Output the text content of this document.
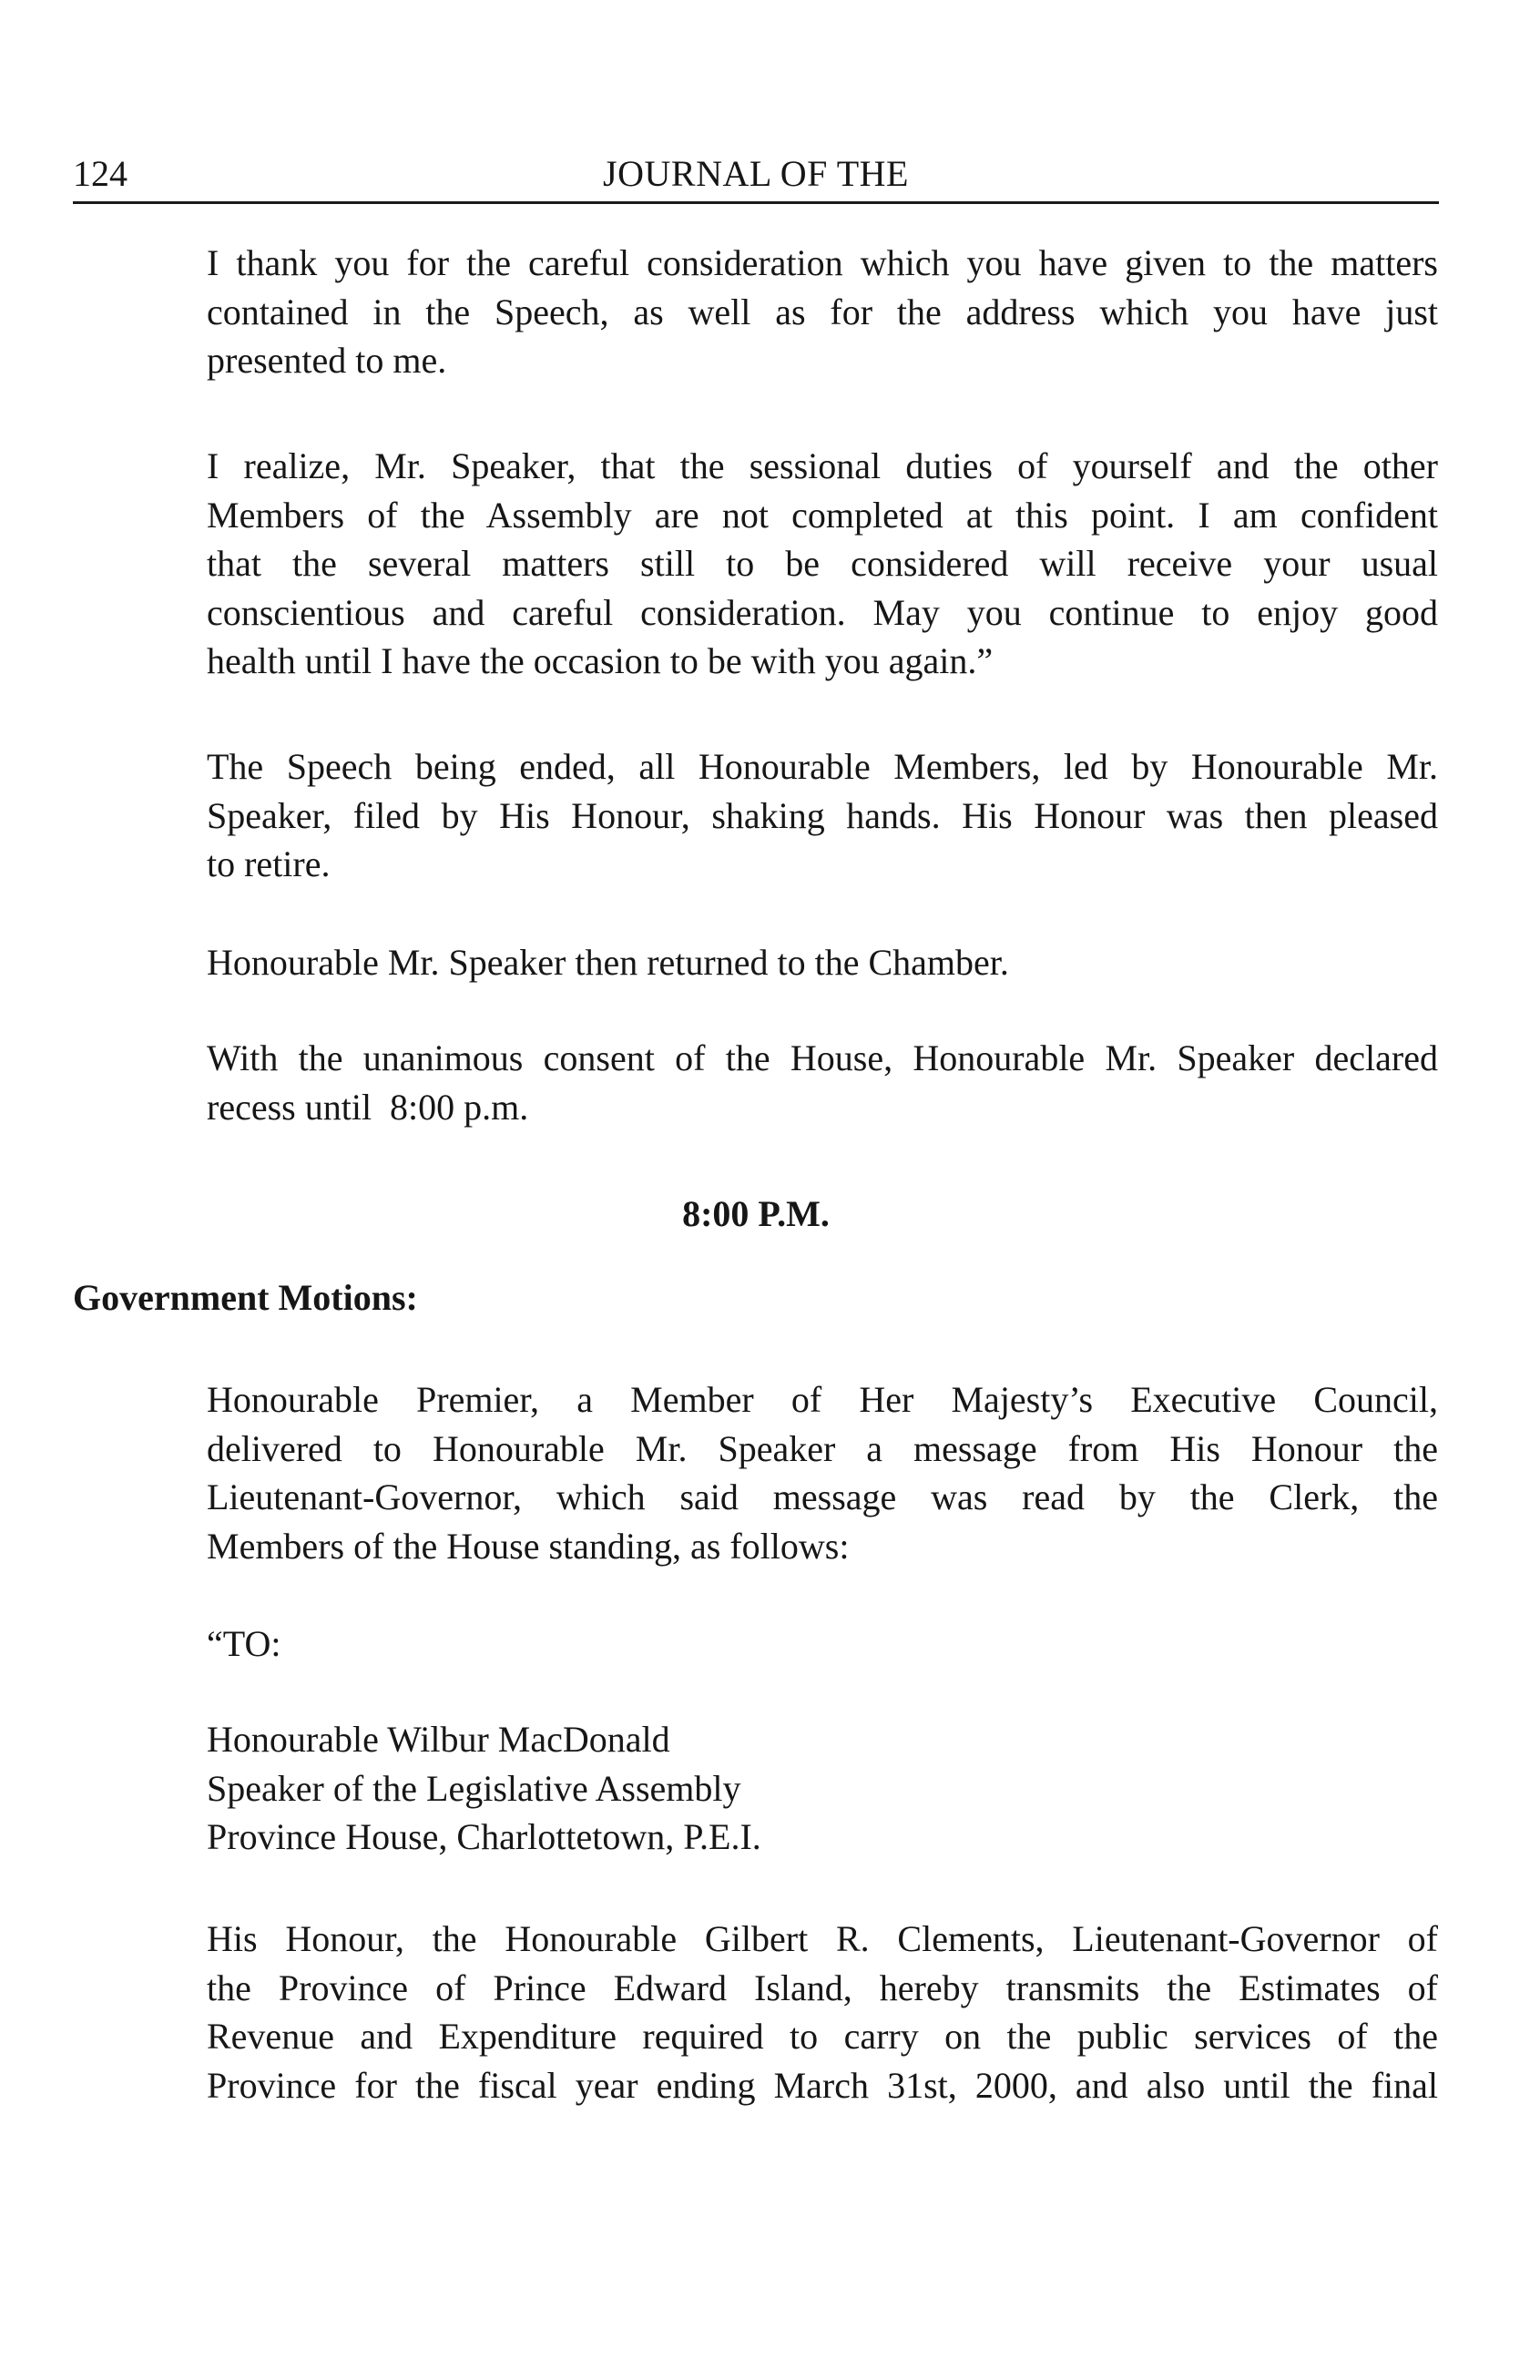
124	JOURNAL OF THE

I thank you for the careful consideration which you have given to the matters
contained in the Speech, as well as for the address which you have just
presented to me.

I realize, Mr. Speaker, that the sessional duties of yourself and the other
Members of the Assembly are not completed at this point. I am confident
that the several matters still to be considered will receive your usual
conscientious and careful consideration. May you continue to enjoy good
health until I have the occasion to be with you again.”

The Speech being ended, all Honourable Members, led by Honourable Mr.
Speaker, filed by His Honour, shaking hands. His Honour was then pleased
to retire.

Honourable Mr. Speaker then returned to the Chamber.

With the unanimous consent of the House, Honourable Mr. Speaker declared
recess until  8:00 p.m.

8:00 P.M.

Government Motions:

Honourable Premier, a Member of Her Majesty’s Executive Council,
delivered to Honourable Mr. Speaker a message from His Honour the
Lieutenant-Governor, which said message was read by the Clerk, the
Members of the House standing, as follows:

“TO:

Honourable Wilbur MacDonald
Speaker of the Legislative Assembly
Province House, Charlottetown, P.E.I.

His Honour, the Honourable Gilbert R. Clements, Lieutenant-Governor of
the Province of Prince Edward Island, hereby transmits the Estimates of
Revenue and Expenditure required to carry on the public services of the
Province for the fiscal year ending March 31st, 2000, and also until the final
